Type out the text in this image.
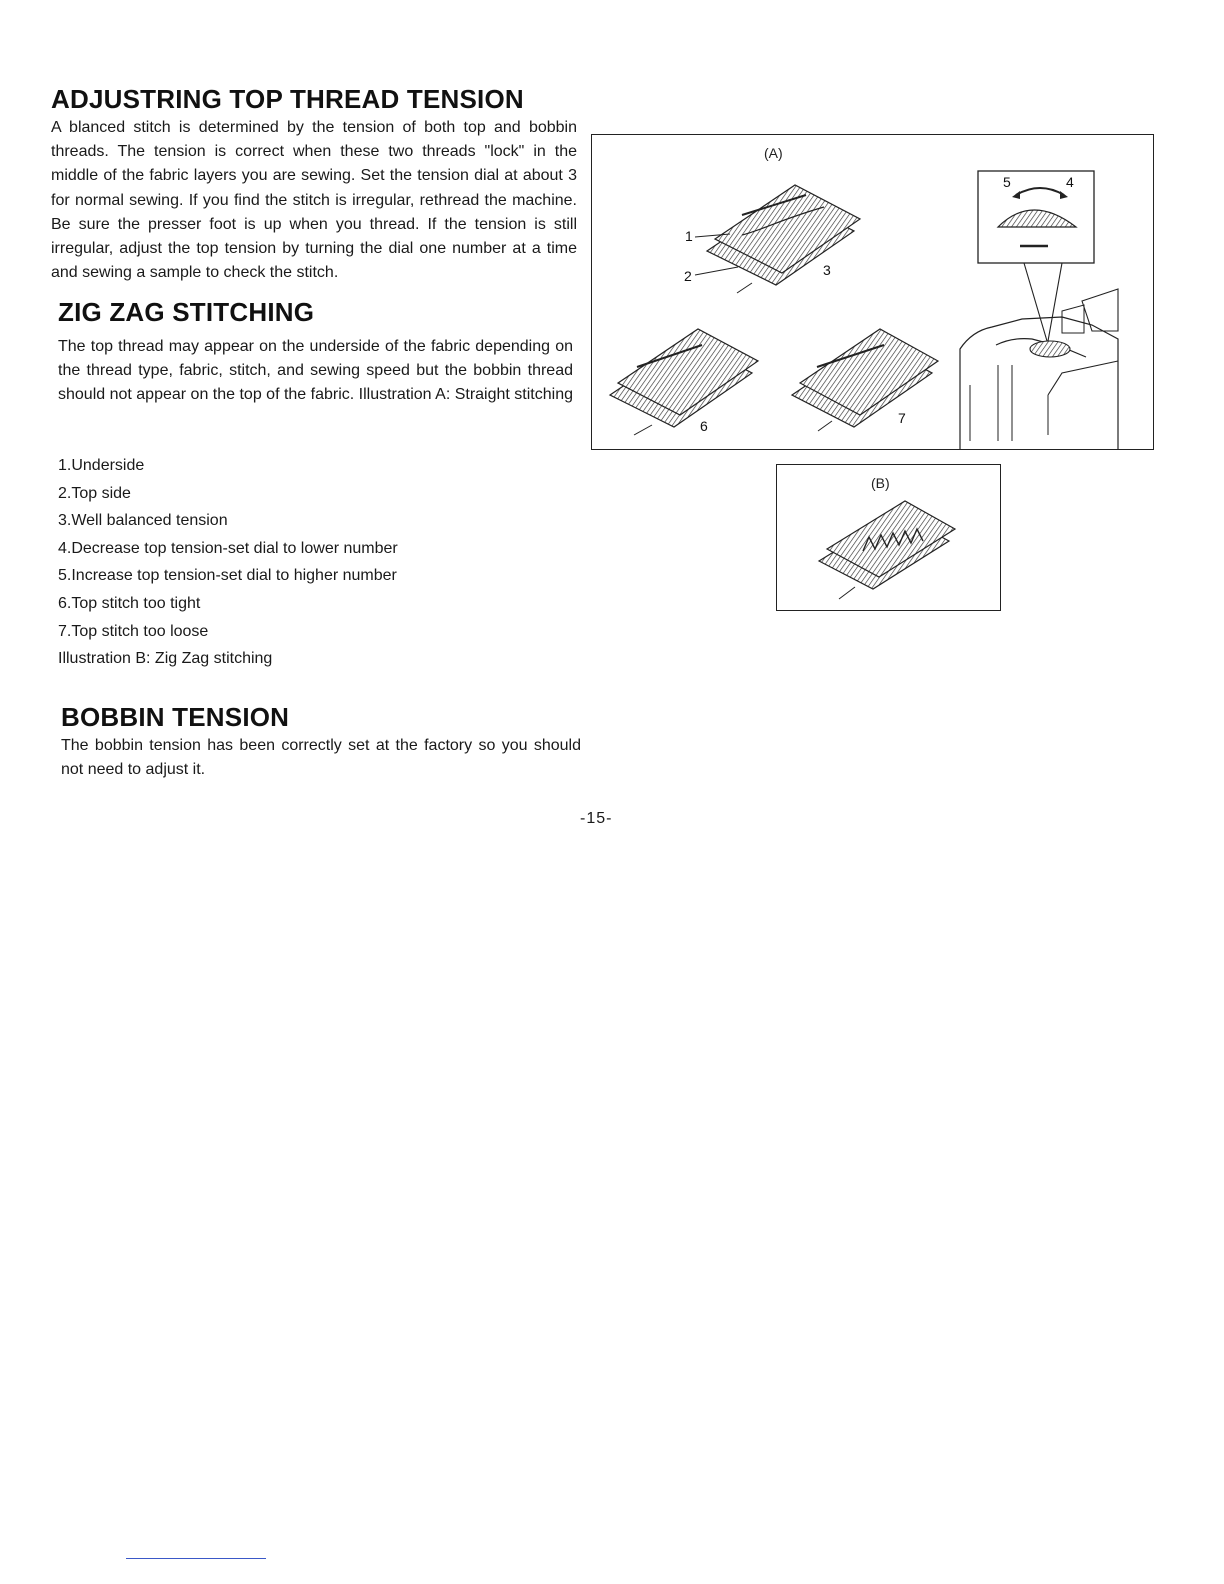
ADJUSTRING TOP THREAD TENSION
A blanced stitch is determined by the tension of both top and bobbin threads. The tension is correct when these two threads "lock" in the middle of the fabric layers you are sewing. Set the tension dial at about 3 for normal sewing. If you find the stitch is irregular, rethread the machine. Be sure the presser foot is up when you thread. If the tension is still irregular, adjust the top tension by turning the dial one number at a time and sewing a sample to check the stitch.
ZIG ZAG STITCHING
The top thread may appear on the underside of the fabric depending on the thread type, fabric, stitch, and sewing speed but the bobbin thread should not appear on the top of the fabric. Illustration A: Straight stitching
1.Underside
2.Top side
3.Well balanced tension
4.Decrease top tension-set dial to lower number
5.Increase top tension-set dial to higher number
6.Top stitch too tight
7.Top stitch too loose
Illustration B: Zig Zag stitching
BOBBIN TENSION
The bobbin tension has been correctly set at the factory so you should not need to adjust it.
(A)
1
2	3
4
5
6	7
(B)
-15-
